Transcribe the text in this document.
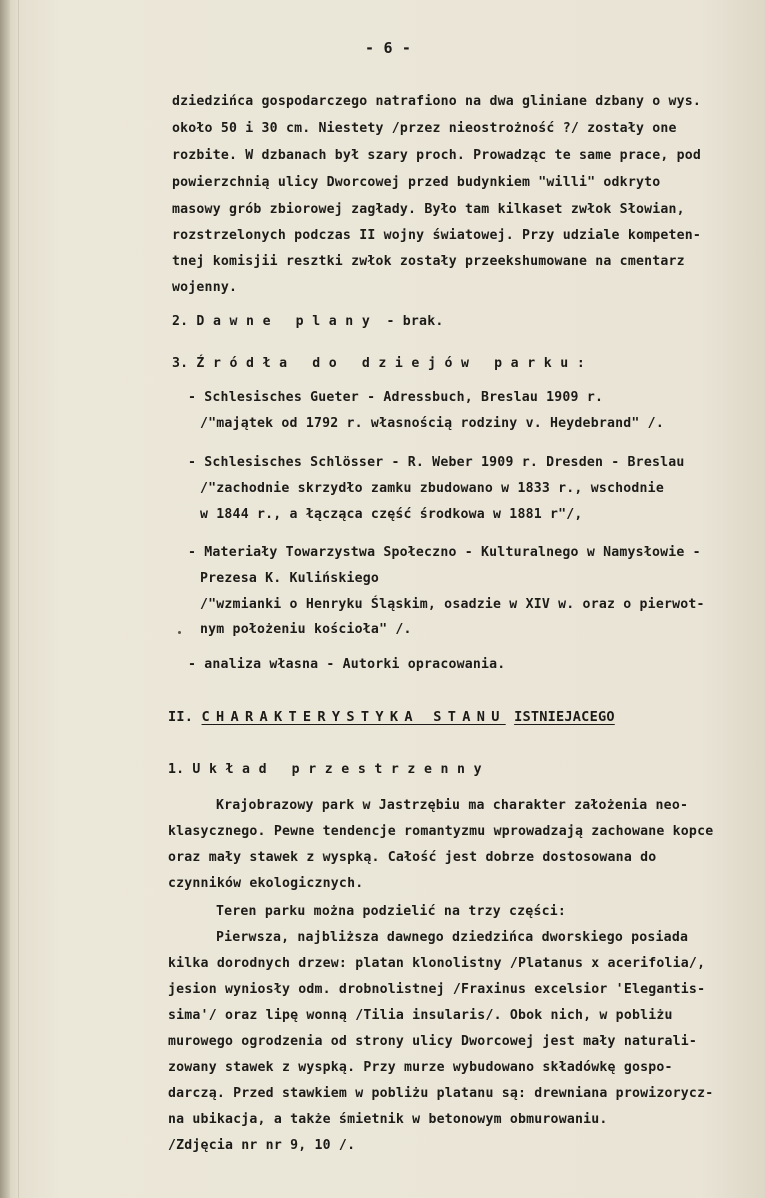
- 6 -
dziedzińca gospodarczego natrafiono na dwa gliniane dzbany o wys.
około 50 i 30 cm. Niestety /przez nieostrożność ?/ zostały one
rozbite. W dzbanach był szary proch. Prowadząc te same prace, pod
powierzchnią ulicy Dworcowej przed budynkiem "willi" odkryto
masowy grób zbiorowej zagłady. Było tam kilkaset zwłok Słowian,
rozstrzelonych podczas II wojny światowej. Przy udziale kompeten-
tnej komisjii resztki zwłok zostały przeekshumowane na cmentarz
wojenny.
2. Dawne plany - brak.
3. Źródła do dziejów parku:
- Schlesisches Gueter - Adressbuch, Breslau 1909 r.
/"majątek od 1792 r. własnością rodziny v. Heydebrand" /.
- Schlesisches Schlösser - R. Weber 1909 r. Dresden - Breslau
/"zachodnie skrzydło zamku zbudowano w 1833 r., wschodnie
w 1844 r., a łącząca część środkowa w 1881 r"/,
- Materiały Towarzystwa Społeczno - Kulturalnego w Namysłowie -
Prezesa K. Kulińskiego
/"wzmianki o Henryku Śląskim, osadzie w XIV w. oraz o pierwot-
nym położeniu kościoła" /.
- analiza własna - Autorki opracowania.
II. CHARAKTERYSTYKA STANU ISTNIEJACEGO
1. Układ przestrzenny
Krajobrazowy park w Jastrzębiu ma charakter założenia neo-
klasycznego. Pewne tendencje romantyzmu wprowadzają zachowane kopce
oraz mały stawek z wyspką. Całość jest dobrze dostosowana do
czynników ekologicznych.
Teren parku można podzielić na trzy części:
Pierwsza, najbliższa dawnego dziedzińca dworskiego posiada
kilka dorodnych drzew: platan klonolistny /Platanus x acerifolia/,
jesion wyniosły odm. drobnolistnej /Fraxinus excelsior 'Elegantis-
sima'/ oraz lipę wonną /Tilia insularis/. Obok nich, w pobliżu
murowego ogrodzenia od strony ulicy Dworcowej jest mały naturali-
zowany stawek z wyspką. Przy murze wybudowano składówkę gospo-
darczą. Przed stawkiem w pobliżu platanu są: drewniana prowizorycz-
na ubikacja, a także śmietnik w betonowym obmurowaniu.
/Zdjęcia nr nr 9, 10 /.
